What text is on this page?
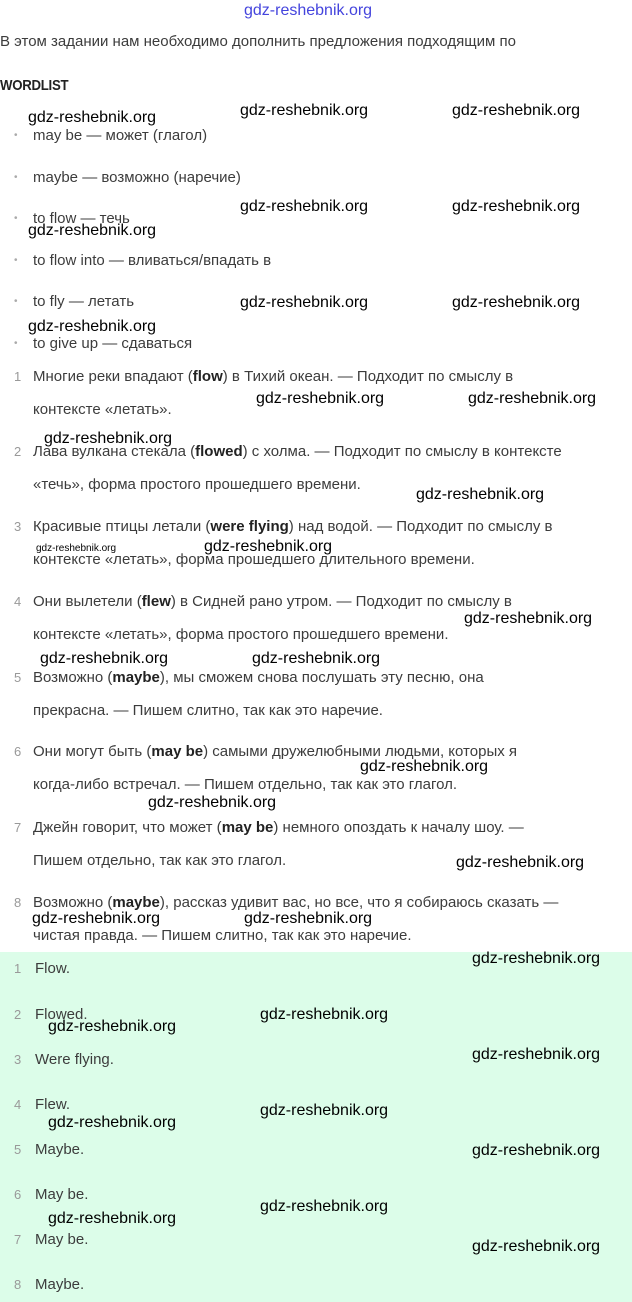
gdz-reshebnik.org
В этом задании нам необходимо дополнить предложения подходящим по
WORDLIST
• may be — может (глагол)
• maybe — возможно (наречие)
• to flow — течь
• to flow into — вливаться/впадать в
• to fly — летать
• to give up — сдаваться
1 Многие реки впадают (flow) в Тихий океан. — Подходит по смыслу в
контексте «летать».
2 Лава вулкана стекала (flowed) с холма. — Подходит по смыслу в контексте
«течь», форма простого прошедшего времени.
3 Красивые птицы летали (were flying) над водой. — Подходит по смыслу в
контексте «летать», форма прошедшего длительного времени.
4 Они вылетели (flew) в Сидней рано утром. — Подходит по смыслу в
контексте «летать», форма простого прошедшего времени.
5 Возможно (maybe), мы сможем снова послушать эту песню, она
прекрасна. — Пишем слитно, так как это наречие.
6 Они могут быть (may be) самыми дружелюбными людьми, которых я
когда-либо встречал. — Пишем отдельно, так как это глагол.
7 Джейн говорит, что может (may be) немного опоздать к началу шоу. —
Пишем отдельно, так как это глагол.
8 Возможно (maybe), рассказ удивит вас, но все, что я собираюсь сказать —
чистая правда. — Пишем слитно, так как это наречие.
1 Flow.
2 Flowed.
3 Were flying.
4 Flew.
5 Maybe.
6 May be.
7 May be.
8 Maybe.
gdz-reshebnik.org	gdz-reshebnik.org	gdz-reshebnik.org
gdz-reshebnik.org	gdz-reshebnik.org
gdz-reshebnik.org
gdz-reshebnik.org	gdz-reshebnik.org
gdz-reshebnik.org
gdz-reshebnik.org	gdz-reshebnik.org
gdz-reshebnik.org
gdz-reshebnik.org
gdz-reshebnik.org
gdz-reshebnik.org
gdz-reshebnik.org	gdz-reshebnik.org
gdz-reshebnik.org
gdz-reshebnik.org
gdz-reshebnik.org
gdz-reshebnik.org	gdz-reshebnik.org
gdz-reshebnik.org
gdz-reshebnik.org
gdz-reshebnik.org
gdz-reshebnik.org
gdz-reshebnik.org
gdz-reshebnik.org
gdz-reshebnik.org
gdz-reshebnik.org
gdz-reshebnik.org
gdz-reshebnik.org
gdz-reshebnik.org
